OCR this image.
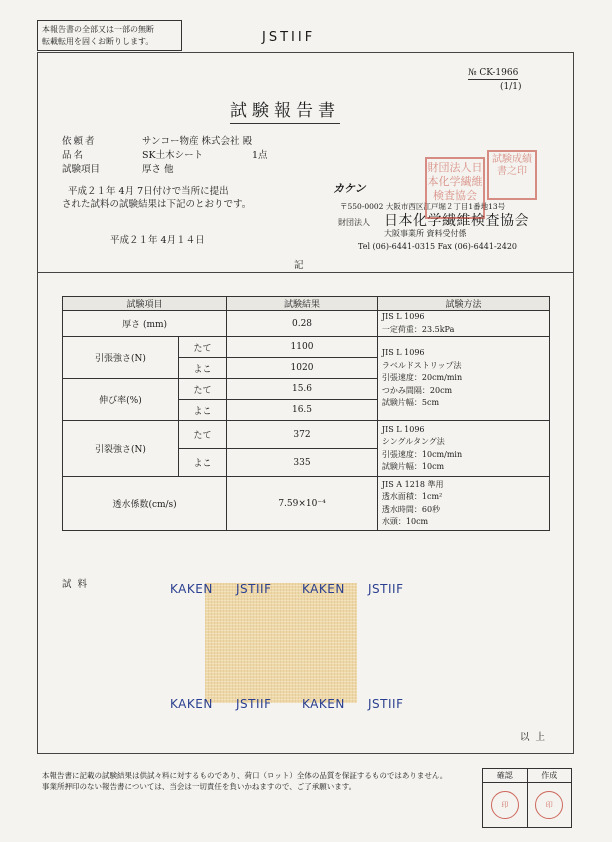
本報告書の全部又は一部の無断
転載転用を固くお断りします。	JSTIIF
№ CK-1966
(1/1)
試験報告書
依頼者	サンコー物産 株式会社 殿
品名	SK土木シート	1点
試験項目	厚さ 他
平成２１年 4月 7日付けで当所に提出
された試料の試験結果は下記のとおりです。
平成２１年 4月１４日
カケン
〒550-0002 大阪市西区江戸堀２丁目1番地13号
財団法人 日本化学繊維検査協会
大阪事業所 資料受付係
Tel (06)-6441-0315 Fax (06)-6441-2420
財団法人日本化学繊維検査協会
試験成績書之印
記
試験項目		試験結果	試験方法
厚さ (mm)		0.28	JIS L 1096
一定荷重：23.5kPa
引張強さ(N)	たて	1100	JIS L 1096
ラベルドストリップ法
引張速度：20cm/min
つかみ間隔：20cm
試験片幅：5cm
	よこ	1020	
伸び率(%)	たて	15.6	
	よこ	16.5	
引裂強さ(N)	たて	372	JIS L 1096
シングルタング法
引張速度：10cm/min
試験片幅：10cm
	よこ	335	
透水係数(cm/s)		7.59×10⁻⁴	JIS A 1218 準用
透水面積：1cm²
透水時間：60秒
水頭：10cm
試料	KAKEN JSTIIF	KAKEN JSTIIF
KAKEN JSTIIF	KAKEN JSTIIF
以上
本報告書に記載の試験結果は供試々料に対するものであり、荷口（ロット）全体の品質を保証するものではありません。
事業所押印のない報告書については、当会は一切責任を負いかねますので、ご了承願います。
確認	作成
印	印
